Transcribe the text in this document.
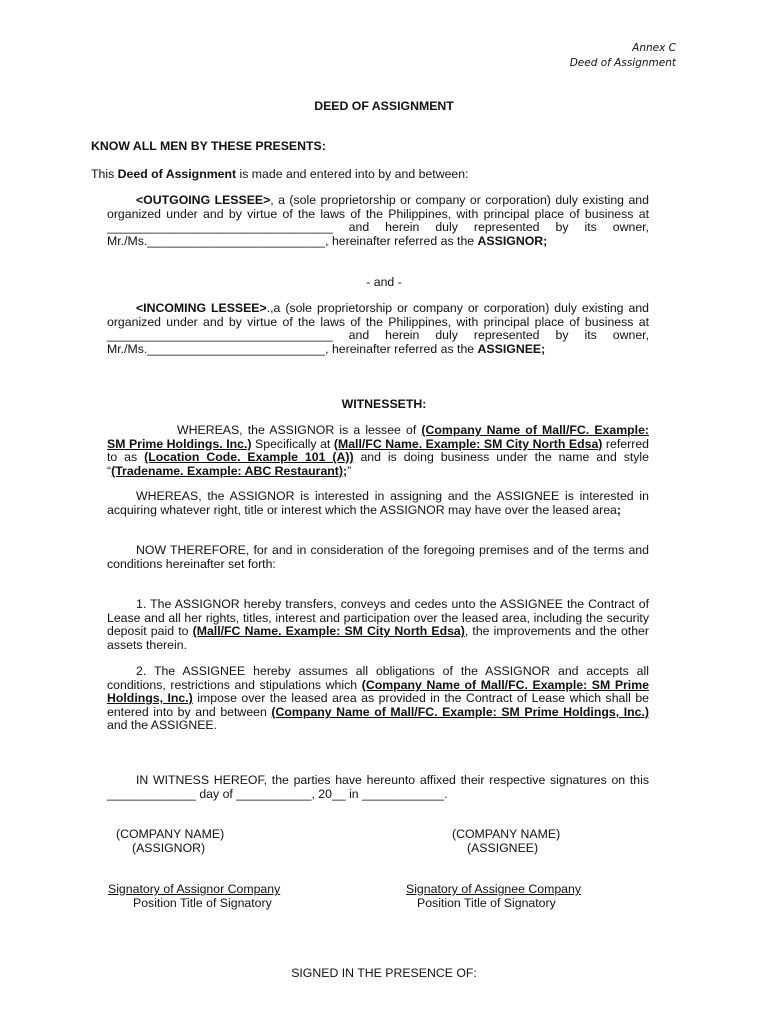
Annex C
Deed of Assignment
DEED OF ASSIGNMENT
KNOW ALL MEN BY THESE PRESENTS:
This Deed of Assignment is made and entered into by and between:
<OUTGOING LESSEE>, a (sole proprietorship or company or corporation) duly existing and organized under and by virtue of the laws of the Philippines, with principal place of business at _________________________________ and herein duly represented by its owner, Mr./Ms.__________________________, hereinafter referred as the ASSIGNOR;
- and -
<INCOMING LESSEE>.,a (sole proprietorship or company or corporation) duly existing and organized under and by virtue of the laws of the Philippines, with principal place of business at _________________________________ and herein duly represented by its owner, Mr./Ms.__________________________, hereinafter referred as the ASSIGNEE;
WITNESSETH:
WHEREAS, the ASSIGNOR is a lessee of (Company Name of Mall/FC. Example: SM Prime Holdings. Inc.) Specifically at (Mall/FC Name. Example: SM City North Edsa) referred to as (Location Code. Example 101 (A)) and is doing business under the name and style “(Tradename. Example: ABC Restaurant);”
WHEREAS, the ASSIGNOR is interested in assigning and the ASSIGNEE is interested in acquiring whatever right, title or interest which the ASSIGNOR may have over the leased area;
NOW THEREFORE, for and in consideration of the foregoing premises and of the terms and conditions hereinafter set forth:
1. The ASSIGNOR hereby transfers, conveys and cedes unto the ASSIGNEE the Contract of Lease and all her rights, titles, interest and participation over the leased area, including the security deposit paid to (Mall/FC Name. Example: SM City North Edsa), the improvements and the other assets therein.
2. The ASSIGNEE hereby assumes all obligations of the ASSIGNOR and accepts all conditions, restrictions and stipulations which (Company Name of Mall/FC. Example: SM Prime Holdings, Inc.) impose over the leased area as provided in the Contract of Lease which shall be entered into by and between (Company Name of Mall/FC. Example: SM Prime Holdings, Inc.) and the ASSIGNEE.
IN WITNESS HEREOF, the parties have hereunto affixed their respective signatures on this _____________ day of ___________, 20__ in ____________.
(COMPANY NAME)
(ASSIGNOR)
(COMPANY NAME)
(ASSIGNEE)
Signatory of Assignor Company
Position Title of Signatory
Signatory of Assignee Company
Position Title of Signatory
SIGNED IN THE PRESENCE OF:
